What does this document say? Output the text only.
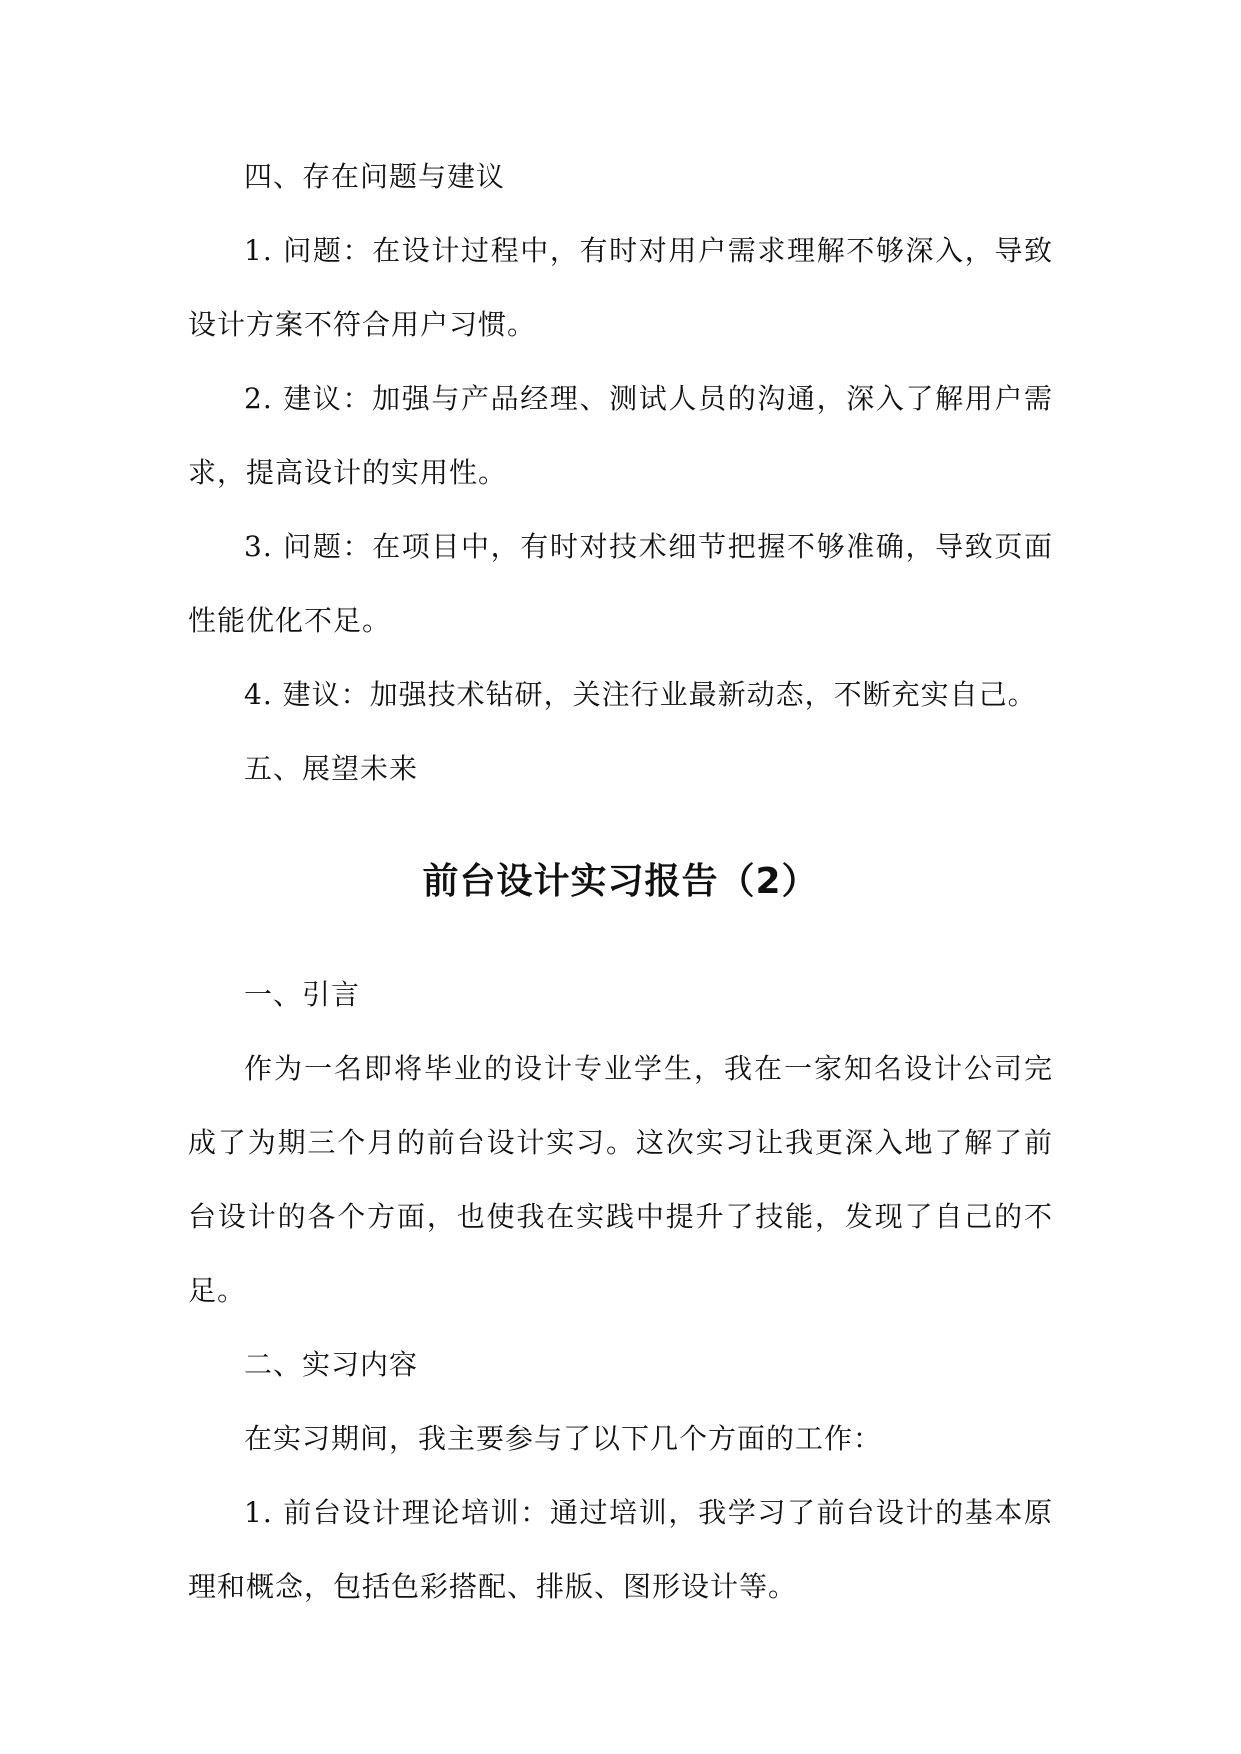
四、存在问题与建议

1. 问题：在设计过程中，有时对用户需求理解不够深入，导致设计方案不符合用户习惯。

2. 建议：加强与产品经理、测试人员的沟通，深入了解用户需求，提高设计的实用性。

3. 问题：在项目中，有时对技术细节把握不够准确，导致页面性能优化不足。

4. 建议：加强技术钻研，关注行业最新动态，不断充实自己。

五、展望未来

前台设计实习报告（2）

一、引言

作为一名即将毕业的设计专业学生，我在一家知名设计公司完成了为期三个月的前台设计实习。这次实习让我更深入地了解了前台设计的各个方面，也使我在实践中提升了技能，发现了自己的不足。

二、实习内容

在实习期间，我主要参与了以下几个方面的工作：

1. 前台设计理论培训：通过培训，我学习了前台设计的基本原理和概念，包括色彩搭配、排版、图形设计等。
